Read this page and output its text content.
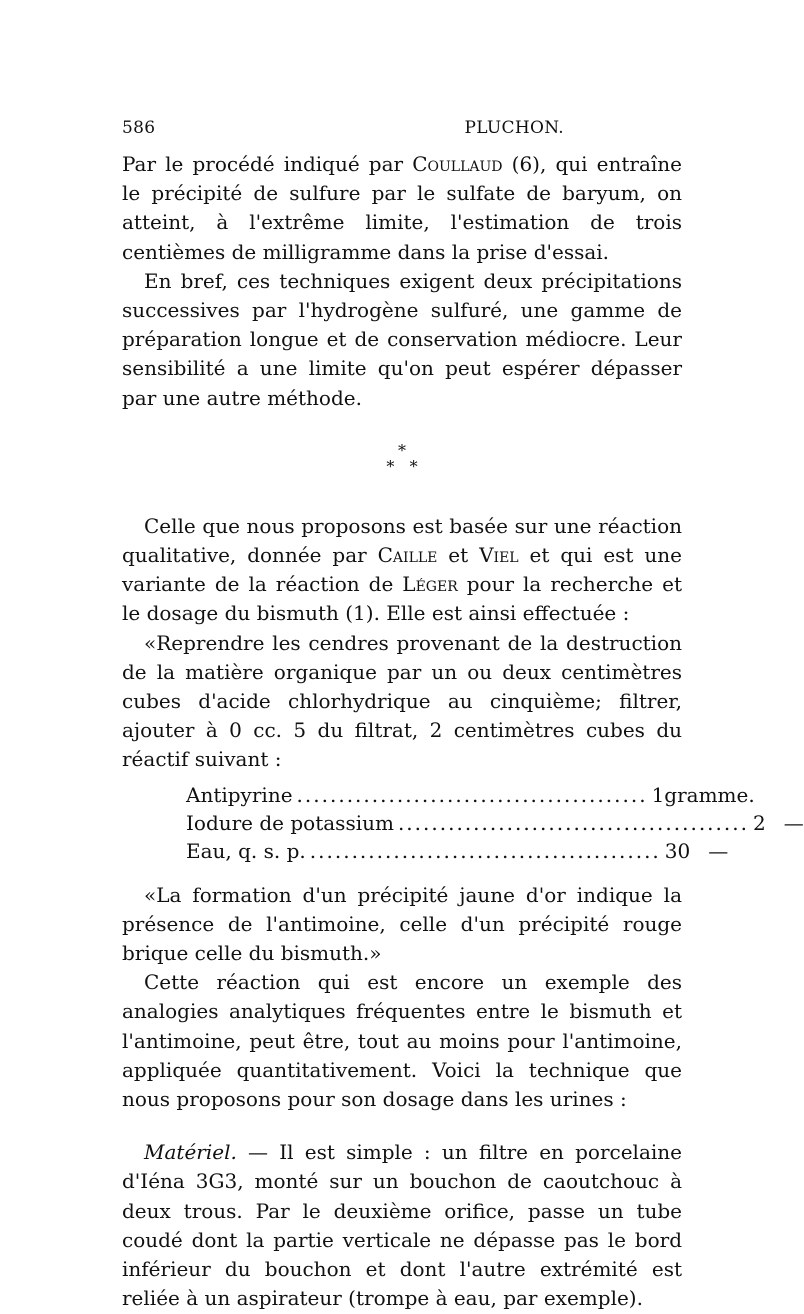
586	PLUCHON.

Par le procédé indiqué par Coullaud (6), qui entraîne le précipité de sulfure par le sulfate de baryum, on atteint, à l'extrême limite, l'estimation de trois centièmes de milligramme dans la prise d'essai.

En bref, ces techniques exigent deux précipitations successives par l'hydrogène sulfuré, une gamme de préparation longue et de conservation médiocre. Leur sensibilité a une limite qu'on peut espérer dépasser par une autre méthode.

*
*   *

Celle que nous proposons est basée sur une réaction qualitative, donnée par Caille et Viel et qui est une variante de la réaction de Léger pour la recherche et le dosage du bismuth (1). Elle est ainsi effectuée :

«Reprendre les cendres provenant de la destruction de la matière organique par un ou deux centimètres cubes d'acide chlorhydrique au cinquième; filtrer, ajouter à 0 cc. 5 du filtrat, 2 centimètres cubes du réactif suivant :

Antipyrine .......................................... 1 gramme.
Iodure de potassium .......................................... 2 —
Eau, q. s. p. .......................................... 30 —

«La formation d'un précipité jaune d'or indique la présence de l'antimoine, celle d'un précipité rouge brique celle du bismuth.»

Cette réaction qui est encore un exemple des analogies analytiques fréquentes entre le bismuth et l'antimoine, peut être, tout au moins pour l'antimoine, appliquée quantitativement. Voici la technique que nous proposons pour son dosage dans les urines :

Matériel. — Il est simple : un filtre en porcelaine d'Iéna 3G3, monté sur un bouchon de caoutchouc à deux trous. Par le deuxième orifice, passe un tube coudé dont la partie verticale ne dépasse pas le bord inférieur du bouchon et dont l'autre extrémité est reliée à un aspirateur (trompe à eau, par exemple).
